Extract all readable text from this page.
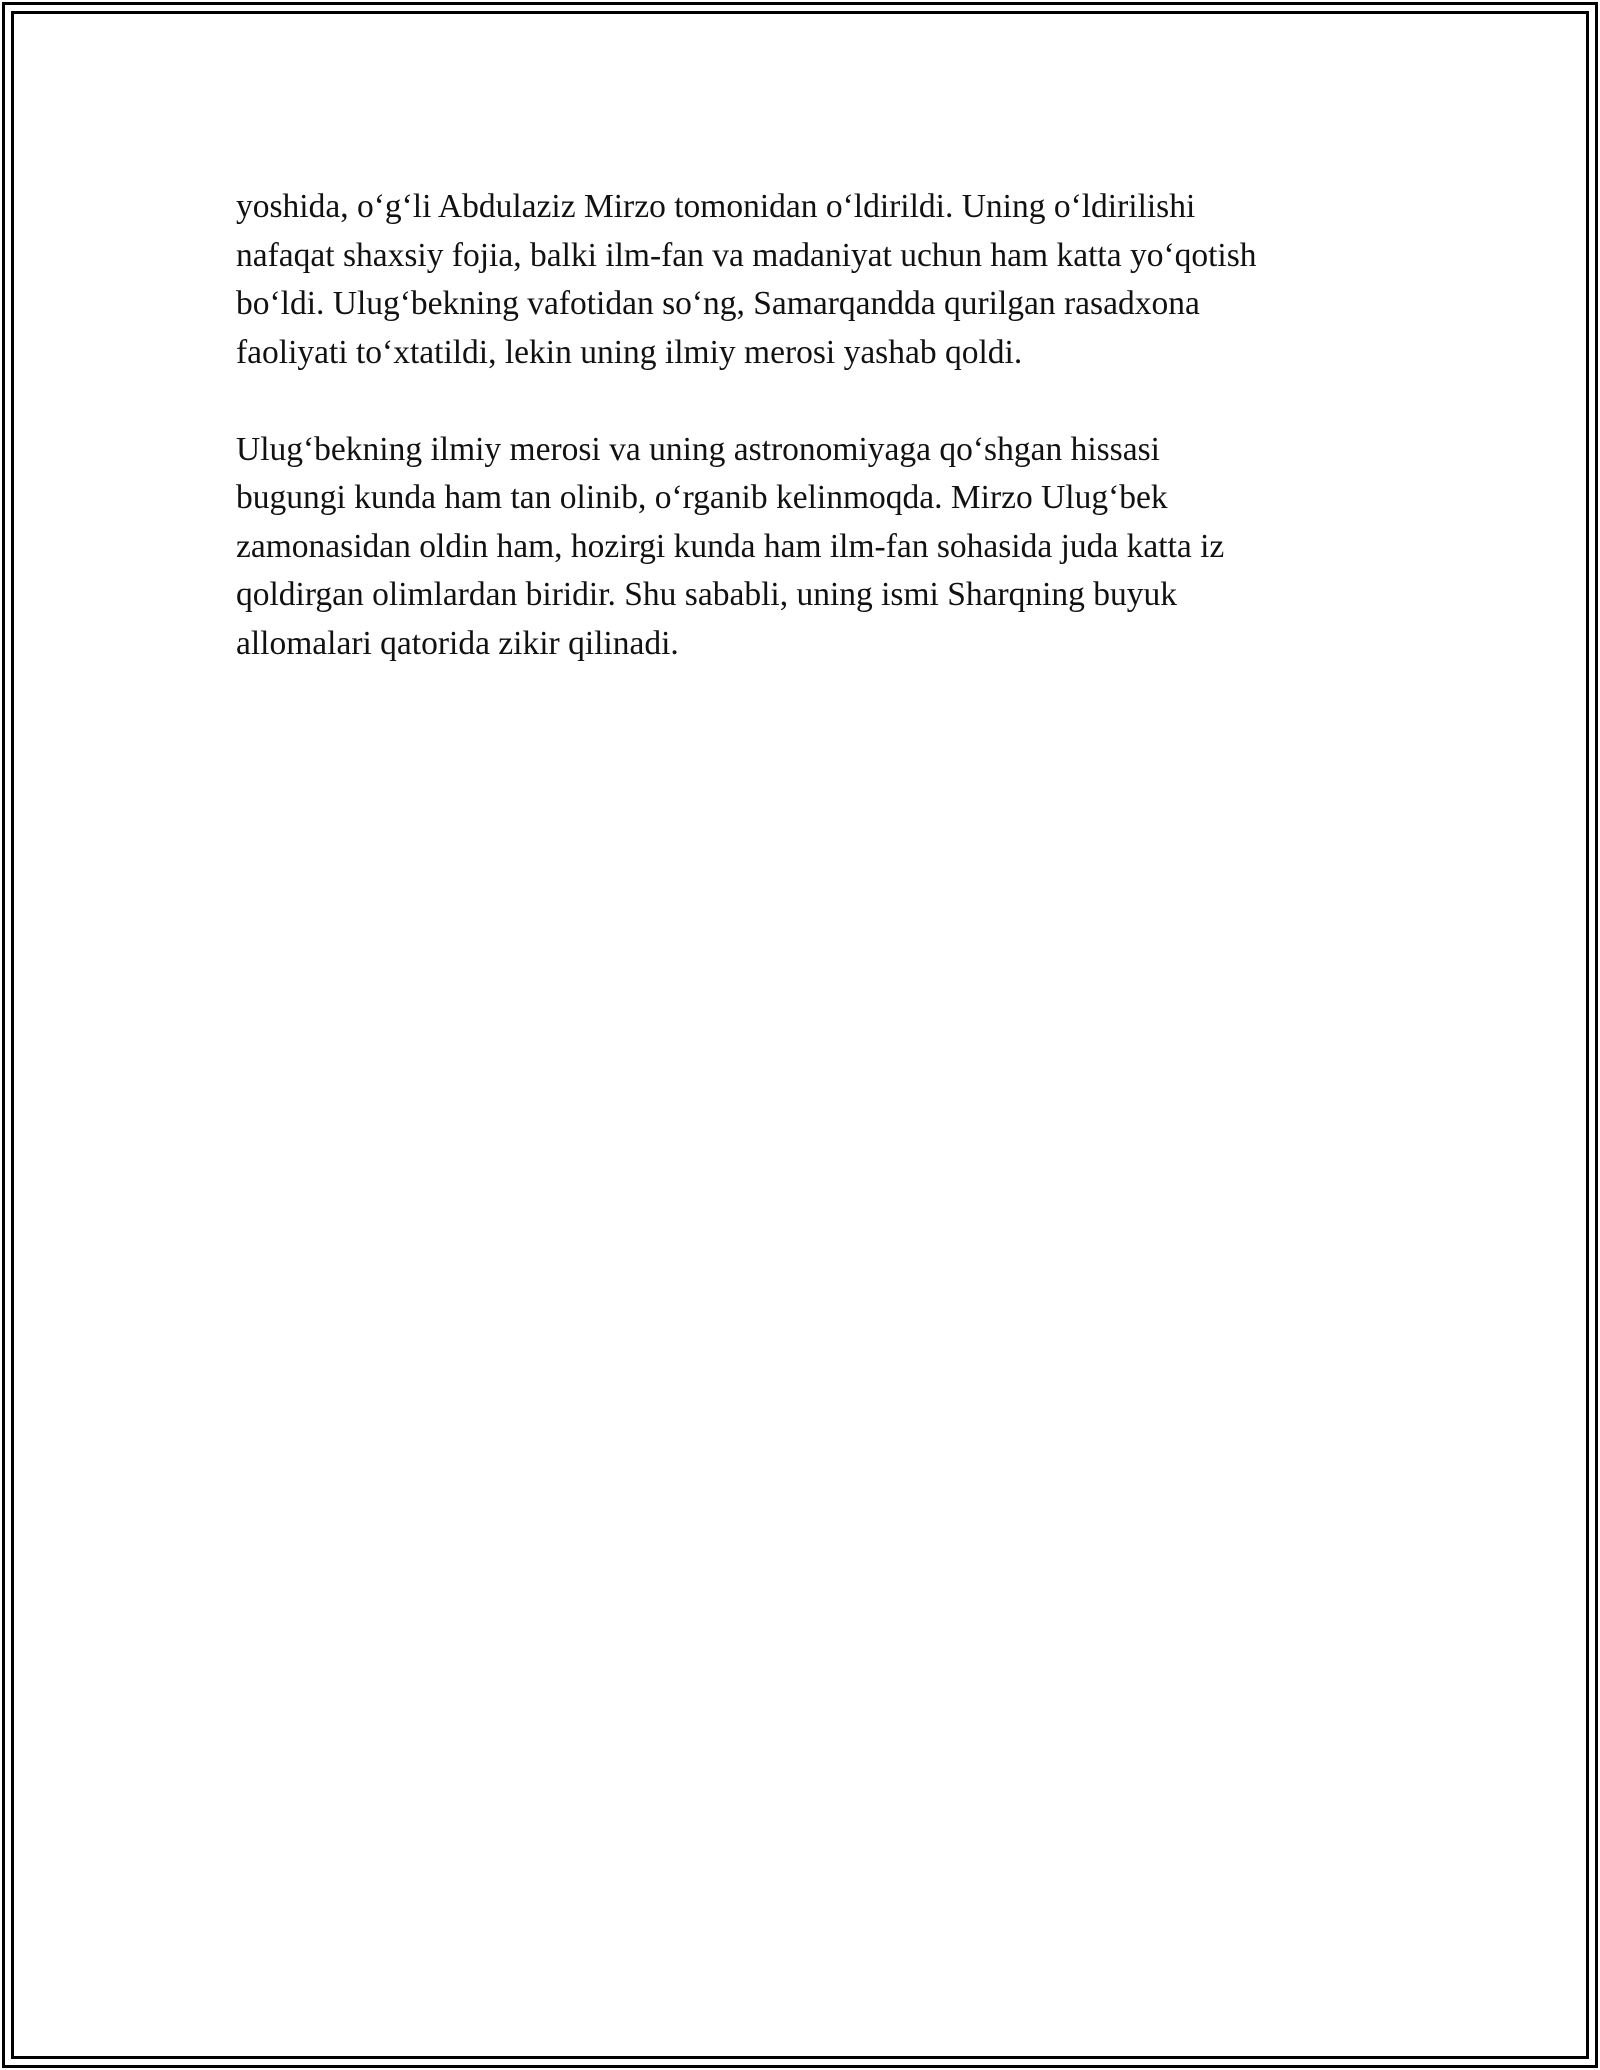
yoshida, o‘g‘li Abdulaziz Mirzo tomonidan o‘ldirildi. Uning o‘ldirilishi
nafaqat shaxsiy fojia, balki ilm-fan va madaniyat uchun ham katta yo‘qotish
bo‘ldi. Ulug‘bekning vafotidan so‘ng, Samarqandda qurilgan rasadxona
faoliyati to‘xtatildi, lekin uning ilmiy merosi yashab qoldi.

Ulug‘bekning ilmiy merosi va uning astronomiyaga qo‘shgan hissasi
bugungi kunda ham tan olinib, o‘rganib kelinmoqda. Mirzo Ulug‘bek
zamonasidan oldin ham, hozirgi kunda ham ilm-fan sohasida juda katta iz
qoldirgan olimlardan biridir. Shu sababli, uning ismi Sharqning buyuk
allomalari qatorida zikir qilinadi.
